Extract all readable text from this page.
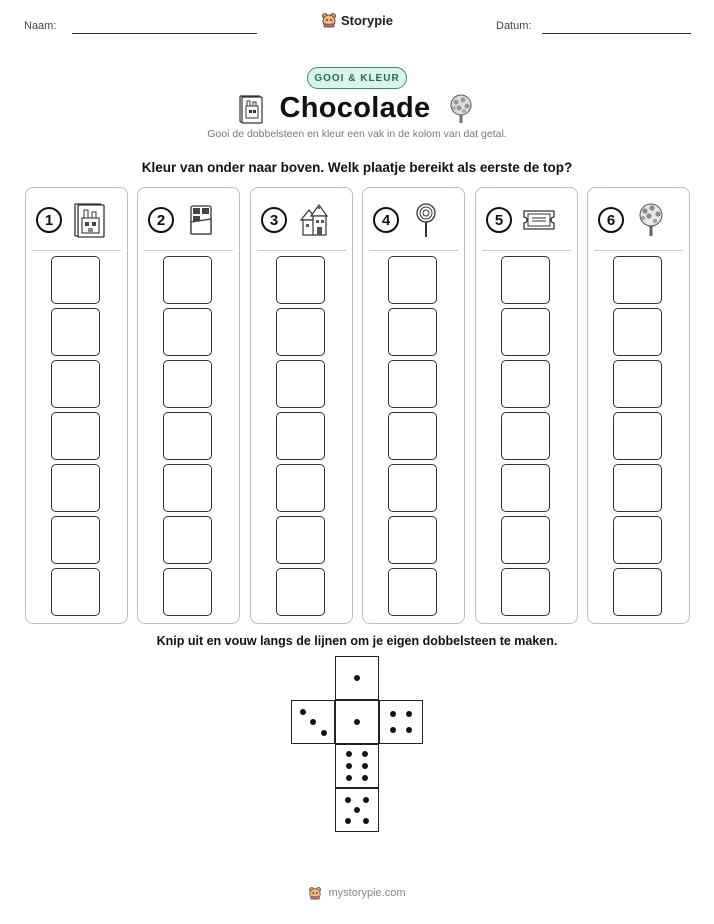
Naam:	Storypie	Datum:
GOOI & KLEUR
Chocolade
Gooi de dobbelsteen en kleur een vak in de kolom van dat getal.
Kleur van onder naar boven. Welk plaatje bereikt als eerste de top?
1	2	3	4	5	6
Knip uit en vouw langs de lijnen om je eigen dobbelsteen te maken.
mystorypie.com
